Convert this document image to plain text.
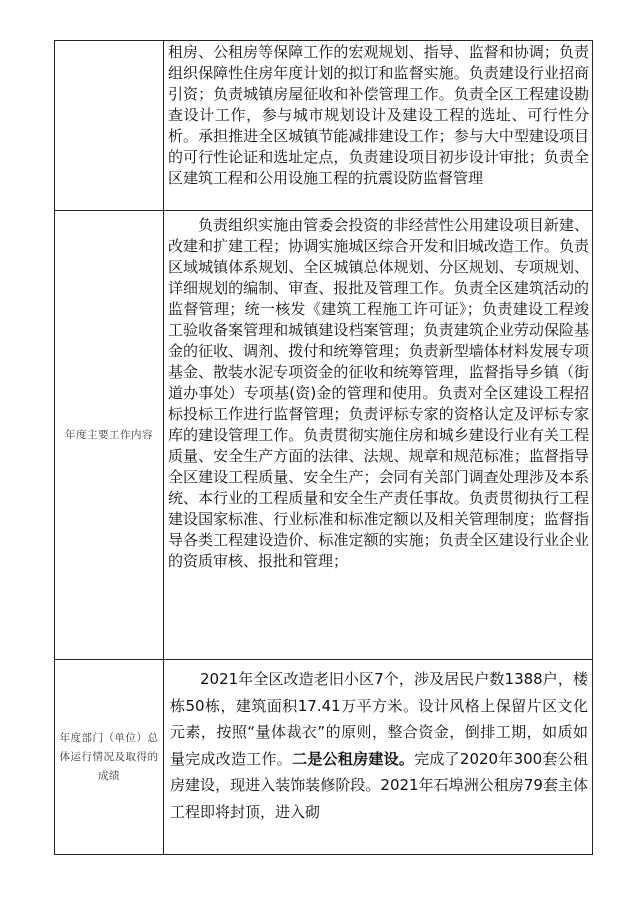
	租房、公租房等保障工作的宏观规划、指导、监督和协调；负责组织保障性住房年度计划的拟订和监督实施。负责建设行业招商引资；负责城镇房屋征收和补偿管理工作。负责全区工程建设勘查设计工作，参与城市规划设计及建设工程的选址、可行性分析。承担推进全区城镇节能减排建设工作；参与大中型建设项目的可行性论证和选址定点，负责建设项目初步设计审批；负责全区建筑工程和公用设施工程的抗震设防监督管理

年度主要工作内容	负责组织实施由管委会投资的非经营性公用建设项目新建、改建和扩建工程；协调实施城区综合开发和旧城改造工作。负责区域城镇体系规划、全区城镇总体规划、分区规划、专项规划、详细规划的编制、审查、报批及管理工作。负责全区建筑活动的监督管理；统一核发《建筑工程施工许可证》；负责建设工程竣工验收备案管理和城镇建设档案管理；负责建筑企业劳动保险基金的征收、调剂、拨付和统筹管理；负责新型墙体材料发展专项基金、散装水泥专项资金的征收和统筹管理，监督指导乡镇（街道办事处）专项基(资)金的管理和使用。负责对全区建设工程招标投标工作进行监督管理；负责评标专家的资格认定及评标专家库的建设管理工作。负责贯彻实施住房和城乡建设行业有关工程质量、安全生产方面的法律、法规、规章和规范标准；监督指导全区建设工程质量、安全生产；会同有关部门调查处理涉及本系统、本行业的工程质量和安全生产责任事故。负责贯彻执行工程建设国家标准、行业标准和标准定额以及相关管理制度；监督指导各类工程建设造价、标准定额的实施；负责全区建设行业企业的资质审核、报批和管理；

年度部门（单位）总体运行情况及取得的成绩	2021年全区改造老旧小区7个，涉及居民户数1388户，楼栋50栋，建筑面积17.41万平方米。设计风格上保留片区文化元素，按照“量体裁衣”的原则，整合资金，倒排工期，如质如量完成改造工作。二是公租房建设。完成了2020年300套公租房建设，现进入装饰装修阶段。2021年石埠洲公租房79套主体工程即将封顶，进入砌
